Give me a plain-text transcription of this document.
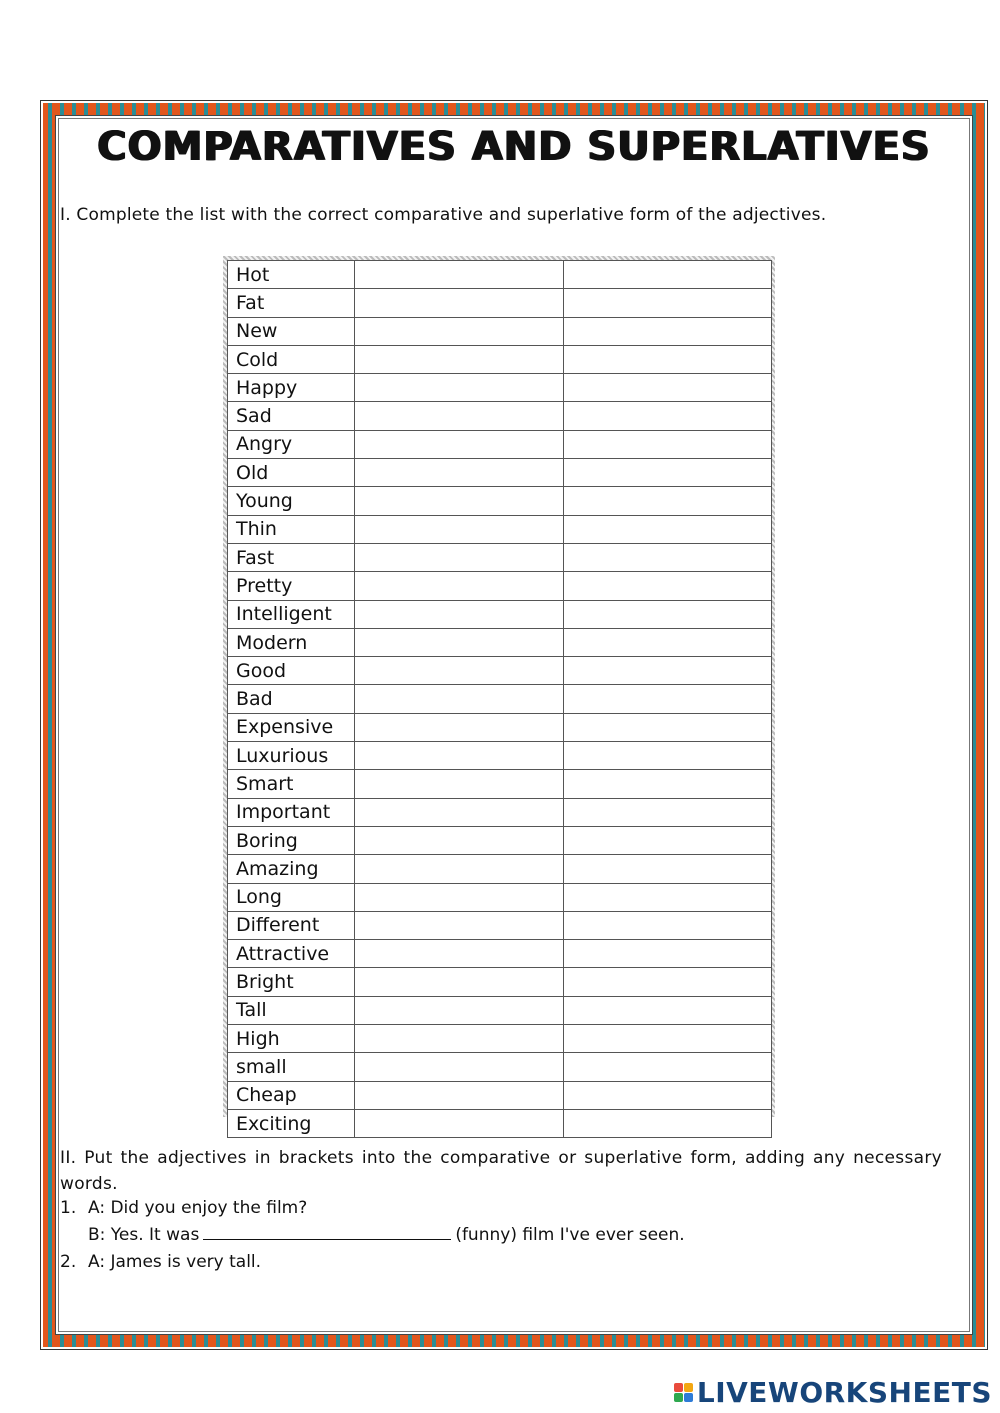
COMPARATIVES AND SUPERLATIVES
I. Complete the list with the correct comparative and superlative form of the adjectives.
Hot		
Fat		
New		
Cold		
Happy		
Sad		
Angry		
Old		
Young		
Thin		
Fast		
Pretty		
Intelligent		
Modern		
Good		
Bad		
Expensive		
Luxurious		
Smart		
Important		
Boring		
Amazing		
Long		
Different		
Attractive		
Bright		
Tall		
High		
small		
Cheap		
Exciting		
II. Put the adjectives in brackets into the comparative or superlative form, adding any necessary words.
1. A: Did you enjoy the film?
B: Yes. It was	(funny) film I've ever seen.
2. A: James is very tall.
LIVEWORKSHEETS
